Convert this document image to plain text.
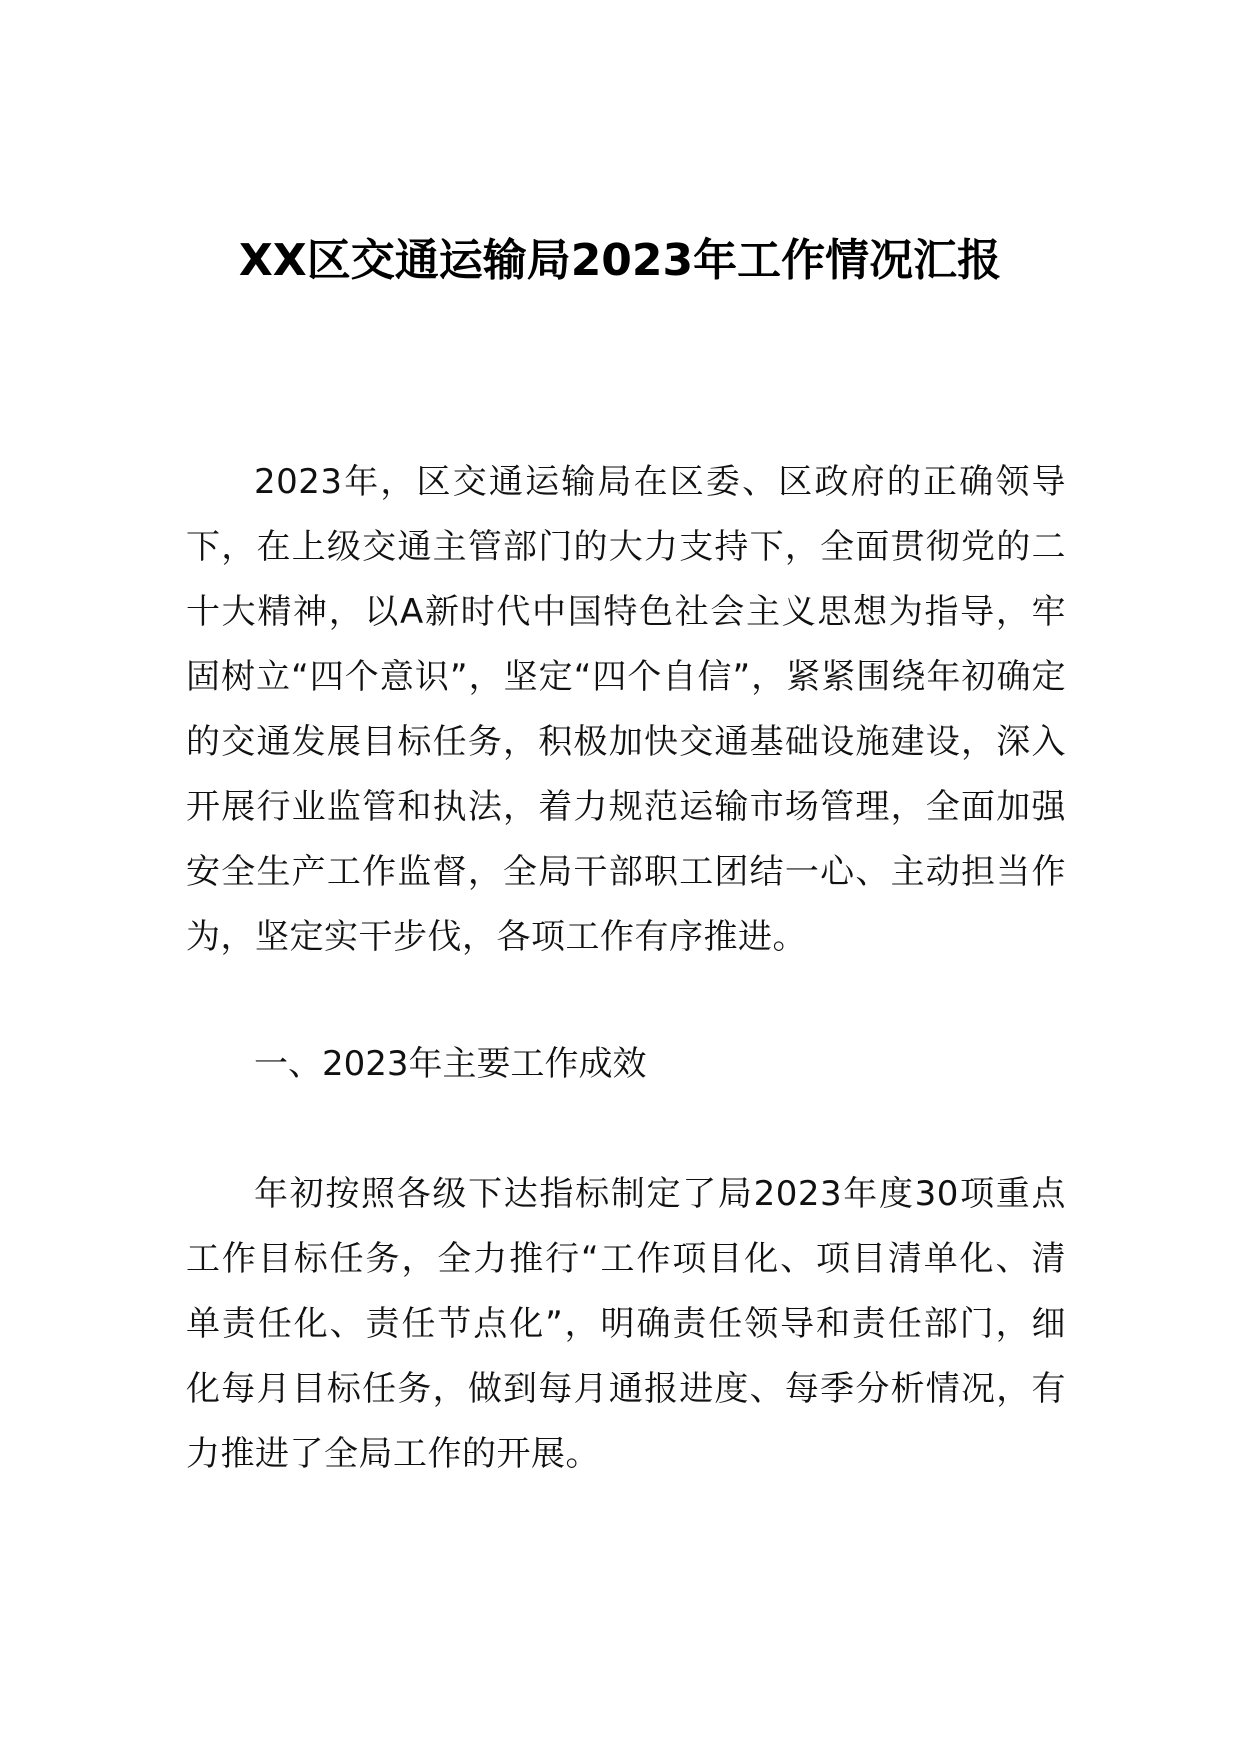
XX区交通运输局2023年工作情况汇报

2023年，区交通运输局在区委、区政府的正确领导下，在上级交通主管部门的大力支持下，全面贯彻党的二十大精神，以A新时代中国特色社会主义思想为指导，牢固树立“四个意识”，坚定“四个自信”，紧紧围绕年初确定的交通发展目标任务，积极加快交通基础设施建设，深入开展行业监管和执法，着力规范运输市场管理，全面加强安全生产工作监督，全局干部职工团结一心、主动担当作为，坚定实干步伐，各项工作有序推进。

一、2023年主要工作成效

年初按照各级下达指标制定了局2023年度30项重点工作目标任务，全力推行“工作项目化、项目清单化、清单责任化、责任节点化”，明确责任领导和责任部门，细化每月目标任务，做到每月通报进度、每季分析情况，有力推进了全局工作的开展。
